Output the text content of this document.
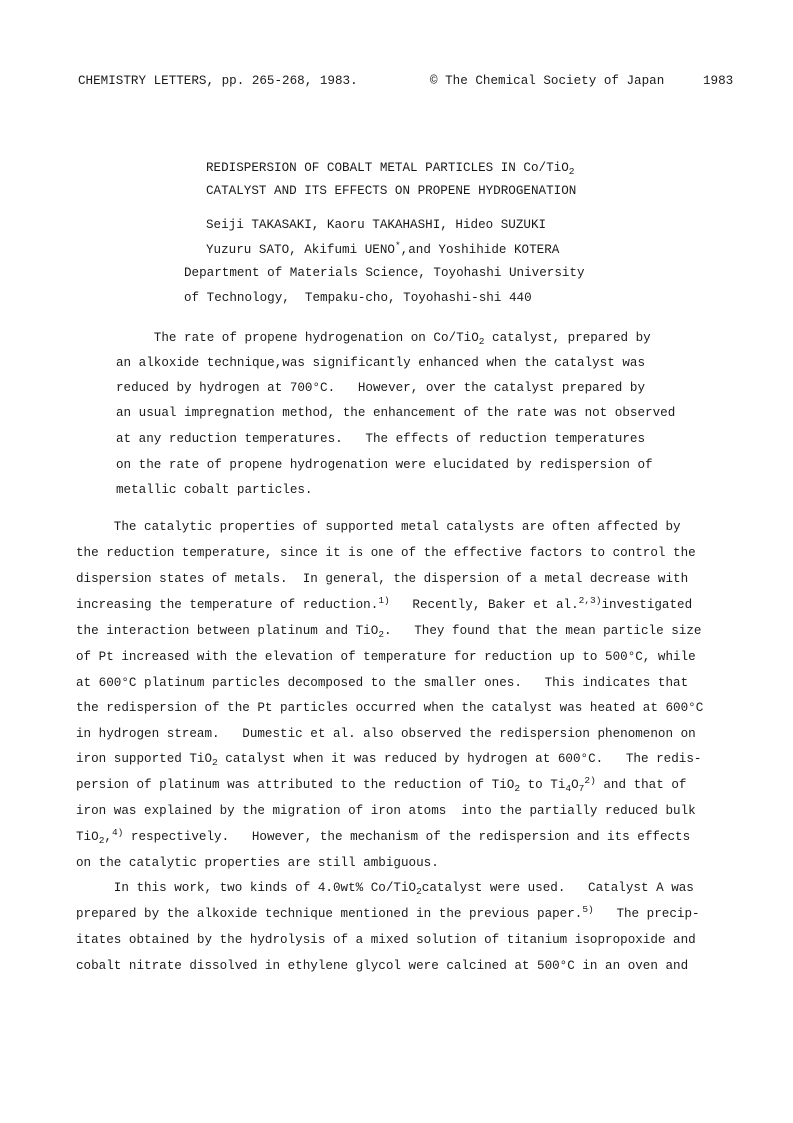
CHEMISTRY LETTERS, pp. 265-268, 1983.	© The Chemical Society of Japan	1983
REDISPERSION OF COBALT METAL PARTICLES IN Co/TiO$_2$
CATALYST AND ITS EFFECTS ON PROPENE HYDROGENATION
Seiji TAKASAKI, Kaoru TAKAHASHI, Hideo SUZUKI
Yuzuru SATO, Akifumi UENO*,and Yoshihide KOTERA
Department of Materials Science, Toyohashi University
of Technology,  Tempaku-cho, Toyohashi-shi 440
The rate of propene hydrogenation on Co/TiO$_2$ catalyst, prepared by
an alkoxide technique,was significantly enhanced when the catalyst was
reduced by hydrogen at 700°C.   However, over the catalyst prepared by
an usual impregnation method, the enhancement of the rate was not observed
at any reduction temperatures.   The effects of reduction temperatures
on the rate of propene hydrogenation were elucidated by redispersion of
metallic cobalt particles.
The catalytic properties of supported metal catalysts are often affected by
the reduction temperature, since it is one of the effective factors to control the
dispersion states of metals.  In general, the dispersion of a metal decrease with
increasing the temperature of reduction.$^{1)}$   Recently, Baker et al.$^{2,3)}$investigated
the interaction between platinum and TiO$_2$.   They found that the mean particle size
of Pt increased with the elevation of temperature for reduction up to 500°C, while
at 600°C platinum particles decomposed to the smaller ones.   This indicates that
the redispersion of the Pt particles occurred when the catalyst was heated at 600°C
in hydrogen stream.   Dumestic et al. also observed the redispersion phenomenon on
iron supported TiO$_2$ catalyst when it was reduced by hydrogen at 600°C.   The redis-
persion of platinum was attributed to the reduction of TiO$_2$ to $Ti_4O_7^{2)}$ and that of
iron was explained by the migration of iron atoms  into the partially reduced bulk
TiO$_2$,$^{4)}$ respectively.   However, the mechanism of the redispersion and its effects
on the catalytic properties are still ambiguous.
In this work, two kinds of 4.0wt% Co/TiO$_2$catalyst were used.   Catalyst A was
prepared by the alkoxide technique mentioned in the previous paper.$^{5)}$   The precip-
itates obtained by the hydrolysis of a mixed solution of titanium isopropoxide and
cobalt nitrate dissolved in ethylene glycol were calcined at 500°C in an oven and
